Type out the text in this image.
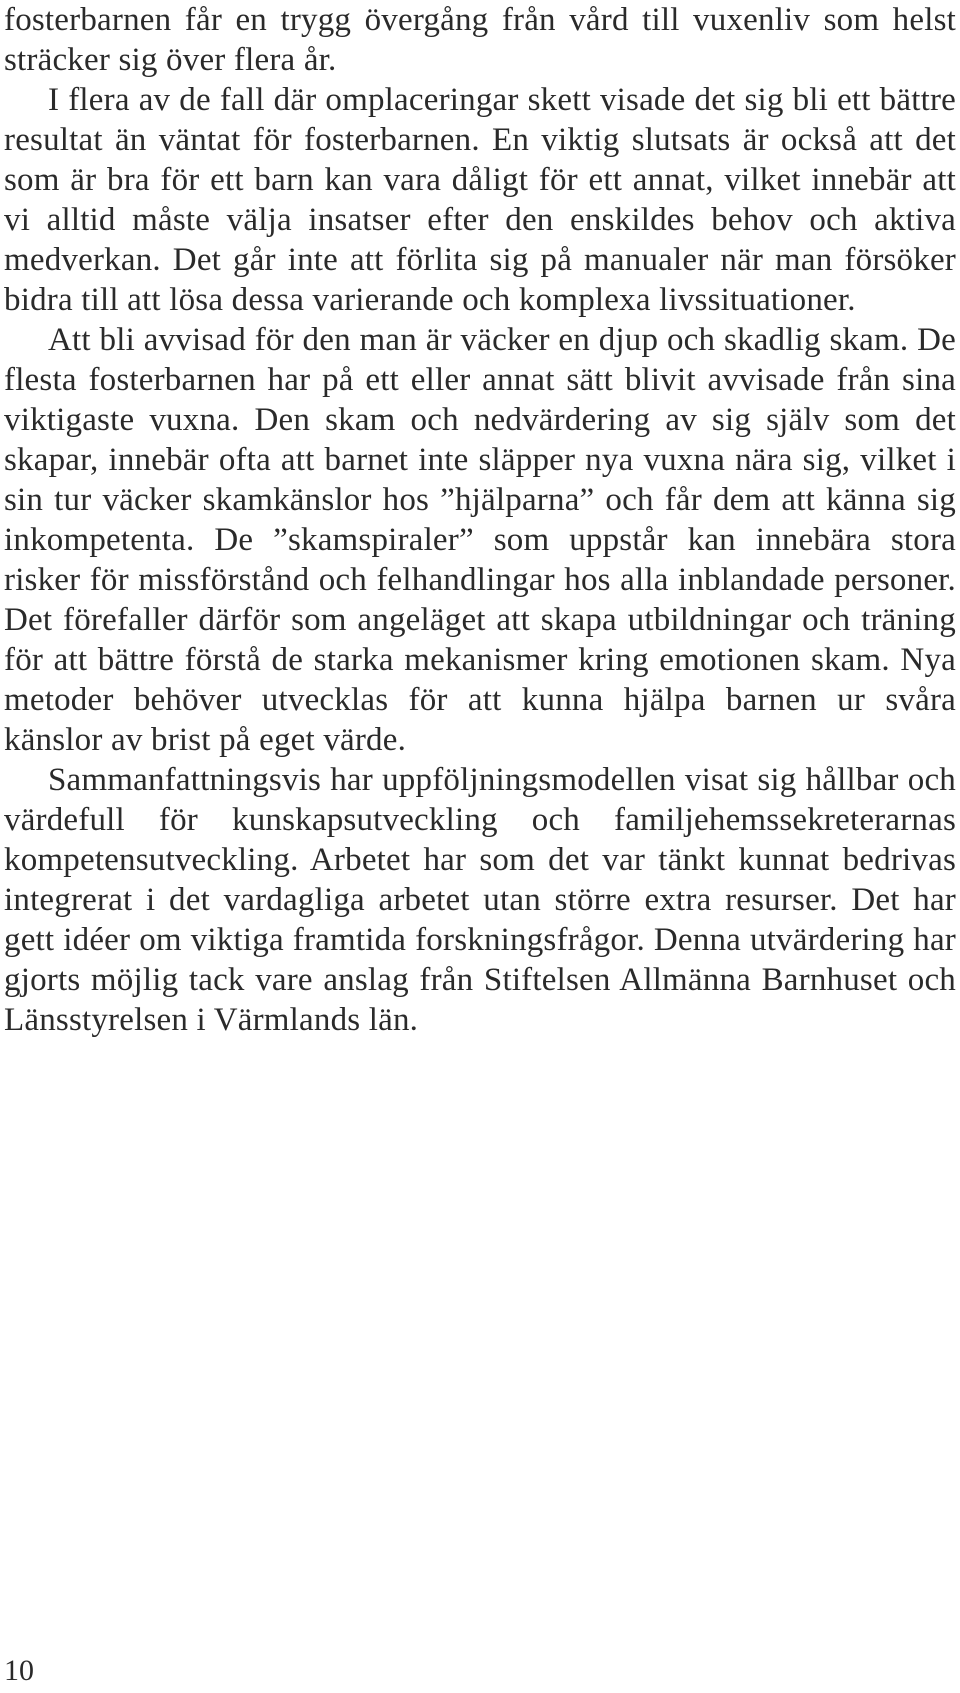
fosterbarnen får en trygg övergång från vård till vuxenliv som helst sträcker sig över flera år.

I flera av de fall där omplaceringar skett visade det sig bli ett bättre resultat än väntat för fosterbarnen. En viktig slutsats är också att det som är bra för ett barn kan vara dåligt för ett annat, vilket innebär att vi alltid måste välja insatser efter den enskildes behov och aktiva medverkan. Det går inte att förlita sig på manualer när man försöker bidra till att lösa dessa varierande och komplexa livssituationer.

Att bli avvisad för den man är väcker en djup och skadlig skam. De flesta fosterbarnen har på ett eller annat sätt blivit avvisade från sina viktigaste vuxna. Den skam och nedvärdering av sig själv som det skapar, innebär ofta att barnet inte släpper nya vuxna nära sig, vilket i sin tur väcker skamkänslor hos ”hjälparna” och får dem att känna sig inkompetenta. De ”skamspiraler” som uppstår kan innebära stora risker för missförstånd och felhandlingar hos alla inblandade personer. Det förefaller därför som angeläget att skapa utbildningar och träning för att bättre förstå de starka mekanismer kring emotionen skam. Nya metoder behöver utvecklas för att kunna hjälpa barnen ur svåra känslor av brist på eget värde.

Sammanfattningsvis har uppföljningsmodellen visat sig hållbar och värdefull för kunskapsutveckling och familjehemssekreterarnas kompetensutveckling. Arbetet har som det var tänkt kunnat bedrivas integrerat i det vardagliga arbetet utan större extra resurser. Det har gett idéer om viktiga framtida forskningsfrågor. Denna utvärdering har gjorts möjlig tack vare anslag från Stiftelsen Allmänna Barnhuset och Länsstyrelsen i Värmlands län.

10
